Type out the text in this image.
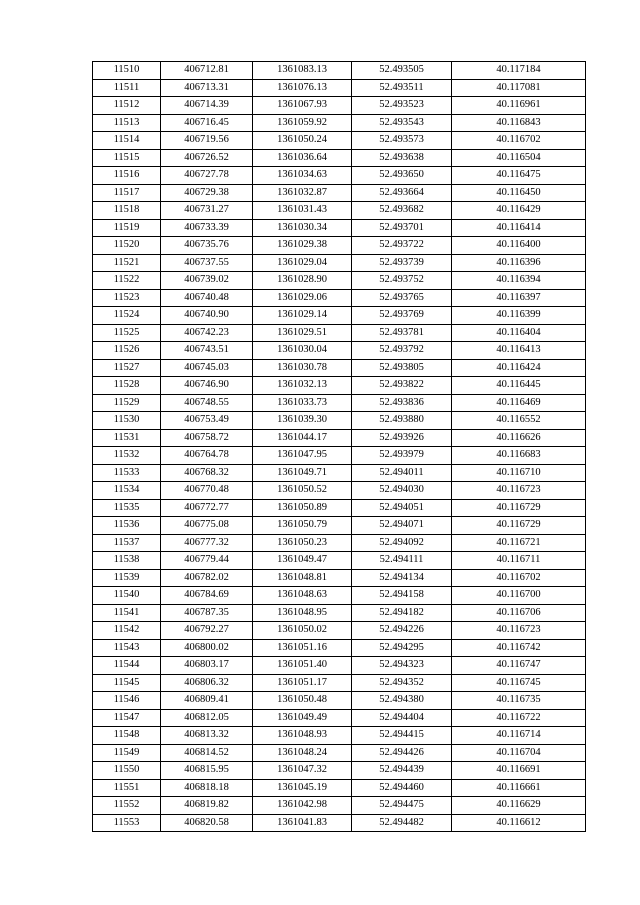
11510	406712.81	1361083.13	52.493505	40.117184
11511	406713.31	1361076.13	52.493511	40.117081
11512	406714.39	1361067.93	52.493523	40.116961
11513	406716.45	1361059.92	52.493543	40.116843
11514	406719.56	1361050.24	52.493573	40.116702
11515	406726.52	1361036.64	52.493638	40.116504
11516	406727.78	1361034.63	52.493650	40.116475
11517	406729.38	1361032.87	52.493664	40.116450
11518	406731.27	1361031.43	52.493682	40.116429
11519	406733.39	1361030.34	52.493701	40.116414
11520	406735.76	1361029.38	52.493722	40.116400
11521	406737.55	1361029.04	52.493739	40.116396
11522	406739.02	1361028.90	52.493752	40.116394
11523	406740.48	1361029.06	52.493765	40.116397
11524	406740.90	1361029.14	52.493769	40.116399
11525	406742.23	1361029.51	52.493781	40.116404
11526	406743.51	1361030.04	52.493792	40.116413
11527	406745.03	1361030.78	52.493805	40.116424
11528	406746.90	1361032.13	52.493822	40.116445
11529	406748.55	1361033.73	52.493836	40.116469
11530	406753.49	1361039.30	52.493880	40.116552
11531	406758.72	1361044.17	52.493926	40.116626
11532	406764.78	1361047.95	52.493979	40.116683
11533	406768.32	1361049.71	52.494011	40.116710
11534	406770.48	1361050.52	52.494030	40.116723
11535	406772.77	1361050.89	52.494051	40.116729
11536	406775.08	1361050.79	52.494071	40.116729
11537	406777.32	1361050.23	52.494092	40.116721
11538	406779.44	1361049.47	52.494111	40.116711
11539	406782.02	1361048.81	52.494134	40.116702
11540	406784.69	1361048.63	52.494158	40.116700
11541	406787.35	1361048.95	52.494182	40.116706
11542	406792.27	1361050.02	52.494226	40.116723
11543	406800.02	1361051.16	52.494295	40.116742
11544	406803.17	1361051.40	52.494323	40.116747
11545	406806.32	1361051.17	52.494352	40.116745
11546	406809.41	1361050.48	52.494380	40.116735
11547	406812.05	1361049.49	52.494404	40.116722
11548	406813.32	1361048.93	52.494415	40.116714
11549	406814.52	1361048.24	52.494426	40.116704
11550	406815.95	1361047.32	52.494439	40.116691
11551	406818.18	1361045.19	52.494460	40.116661
11552	406819.82	1361042.98	52.494475	40.116629
11553	406820.58	1361041.83	52.494482	40.116612
